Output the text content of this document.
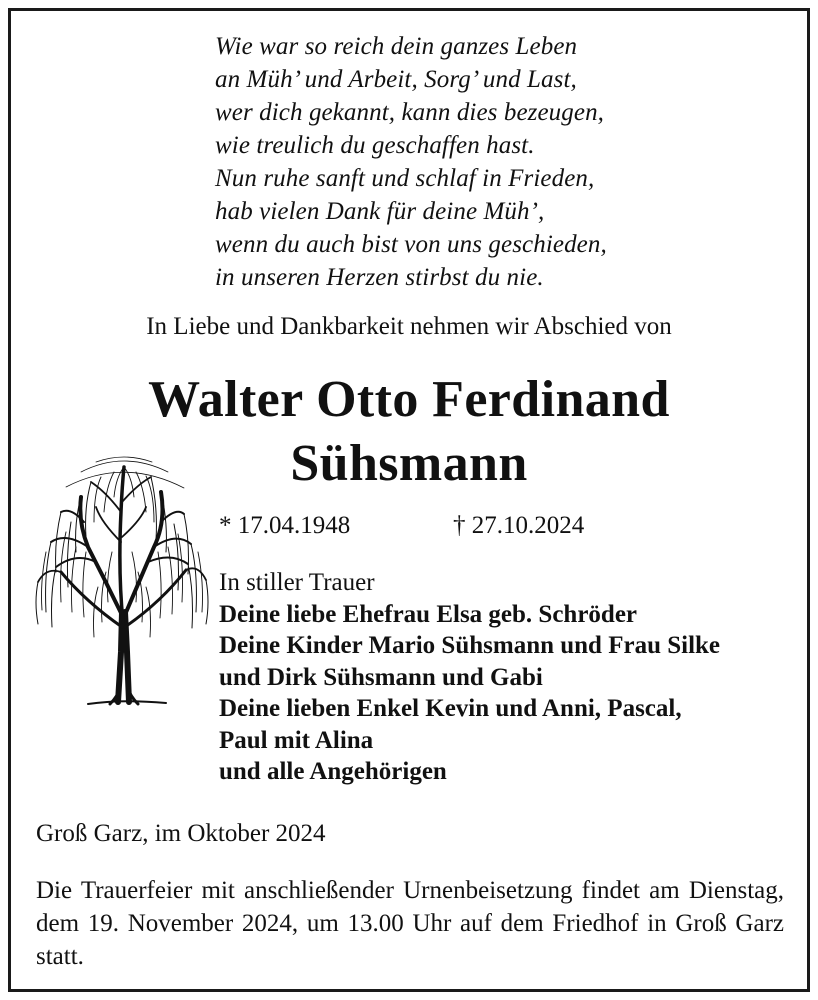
Wie war so reich dein ganzes Leben
an Müh’ und Arbeit, Sorg’ und Last,
wer dich gekannt, kann dies bezeugen,
wie treulich du geschaffen hast.
Nun ruhe sanft und schlaf in Frieden,
hab vielen Dank für deine Müh’,
wenn du auch bist von uns geschieden,
in unseren Herzen stirbst du nie.
In Liebe und Dankbarkeit nehmen wir Abschied von
Walter Otto Ferdinand
Sühsmann
* 17.04.1948	† 27.10.2024
In stiller Trauer
Deine liebe Ehefrau Elsa geb. Schröder
Deine Kinder Mario Sühsmann und Frau Silke
und Dirk Sühsmann und Gabi
Deine lieben Enkel Kevin und Anni, Pascal,
Paul mit Alina
und alle Angehörigen
Groß Garz, im Oktober 2024

Die Trauerfeier mit anschließender Urnenbeisetzung findet am Dienstag, dem 19. November 2024, um 13.00 Uhr auf dem Friedhof in Groß Garz statt.
